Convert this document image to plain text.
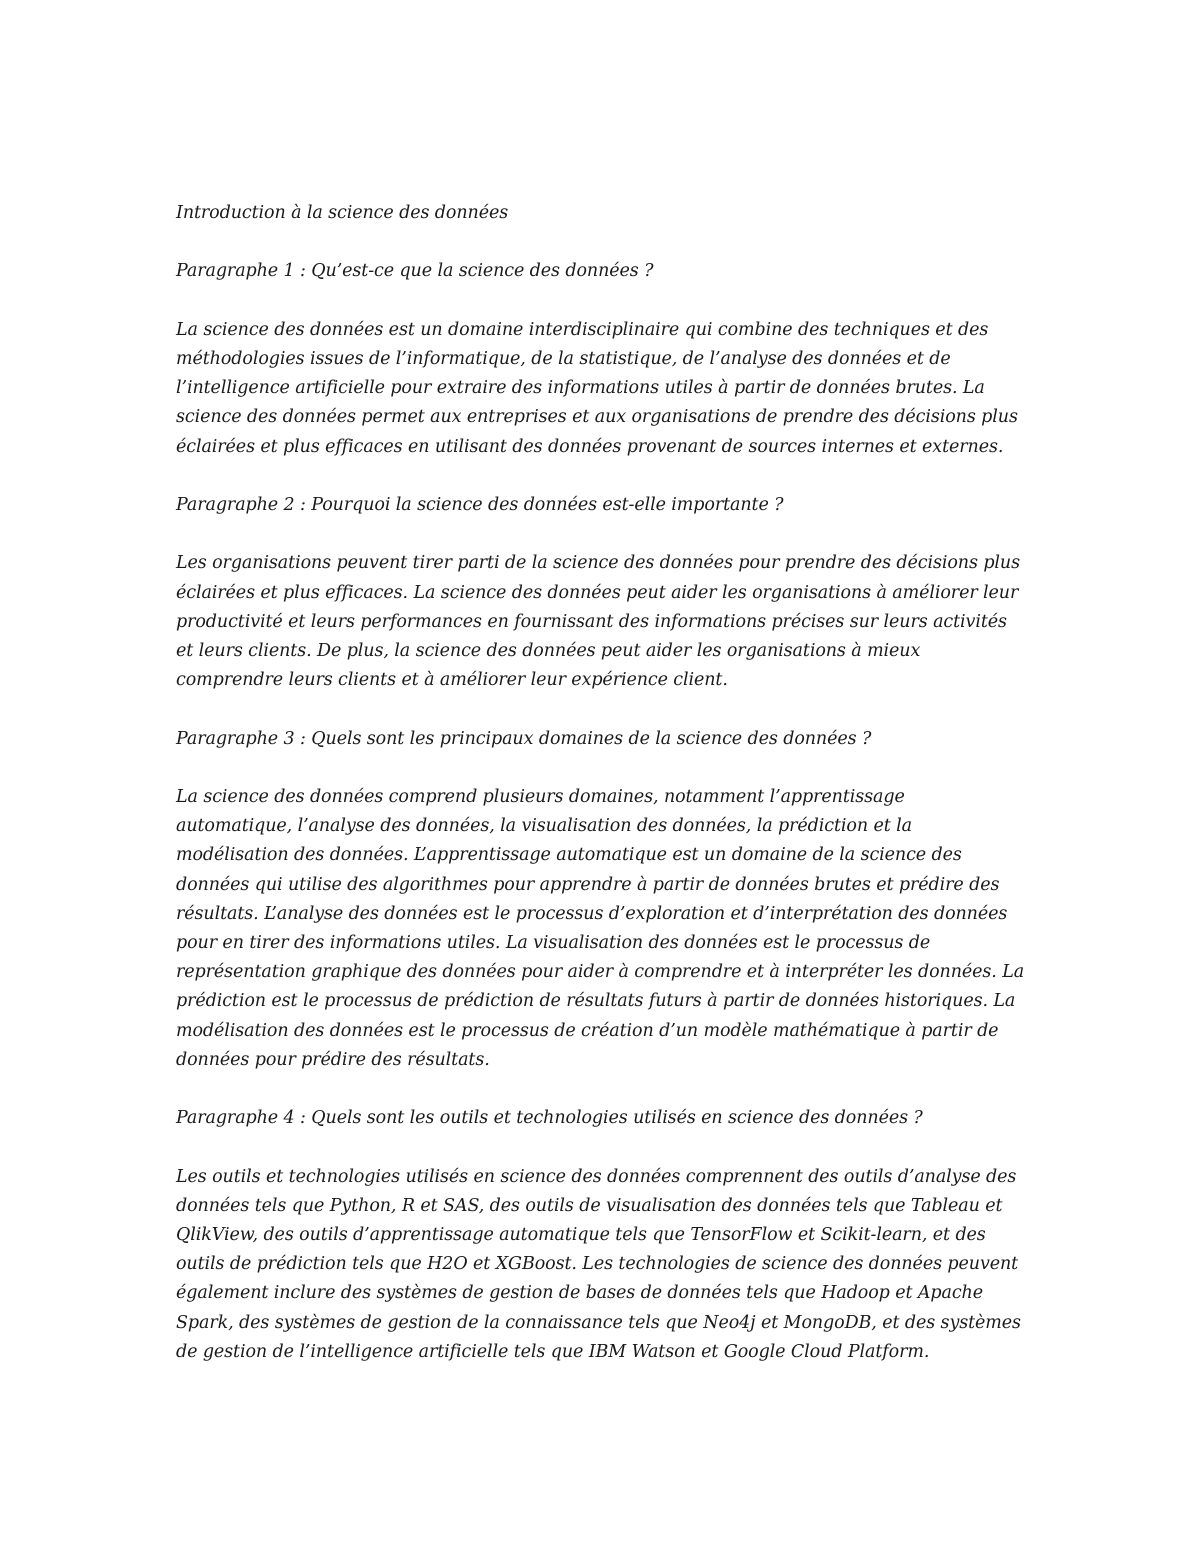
Introduction à la science des données

Paragraphe 1 : Qu’est-ce que la science des données ?

La science des données est un domaine interdisciplinaire qui combine des techniques et des méthodologies issues de l’informatique, de la statistique, de l’analyse des données et de l’intelligence artificielle pour extraire des informations utiles à partir de données brutes. La science des données permet aux entreprises et aux organisations de prendre des décisions plus éclairées et plus efficaces en utilisant des données provenant de sources internes et externes.

Paragraphe 2 : Pourquoi la science des données est-elle importante ?

Les organisations peuvent tirer parti de la science des données pour prendre des décisions plus éclairées et plus efficaces. La science des données peut aider les organisations à améliorer leur productivité et leurs performances en fournissant des informations précises sur leurs activités et leurs clients. De plus, la science des données peut aider les organisations à mieux comprendre leurs clients et à améliorer leur expérience client.

Paragraphe 3 : Quels sont les principaux domaines de la science des données ?

La science des données comprend plusieurs domaines, notamment l’apprentissage automatique, l’analyse des données, la visualisation des données, la prédiction et la modélisation des données. L’apprentissage automatique est un domaine de la science des données qui utilise des algorithmes pour apprendre à partir de données brutes et prédire des résultats. L’analyse des données est le processus d’exploration et d’interprétation des données pour en tirer des informations utiles. La visualisation des données est le processus de représentation graphique des données pour aider à comprendre et à interpréter les données. La prédiction est le processus de prédiction de résultats futurs à partir de données historiques. La modélisation des données est le processus de création d’un modèle mathématique à partir de données pour prédire des résultats.

Paragraphe 4 : Quels sont les outils et technologies utilisés en science des données ?

Les outils et technologies utilisés en science des données comprennent des outils d’analyse des données tels que Python, R et SAS, des outils de visualisation des données tels que Tableau et QlikView, des outils d’apprentissage automatique tels que TensorFlow et Scikit-learn, et des outils de prédiction tels que H2O et XGBoost. Les technologies de science des données peuvent également inclure des systèmes de gestion de bases de données tels que Hadoop et Apache Spark, des systèmes de gestion de la connaissance tels que Neo4j et MongoDB, et des systèmes de gestion de l’intelligence artificielle tels que IBM Watson et Google Cloud Platform.
